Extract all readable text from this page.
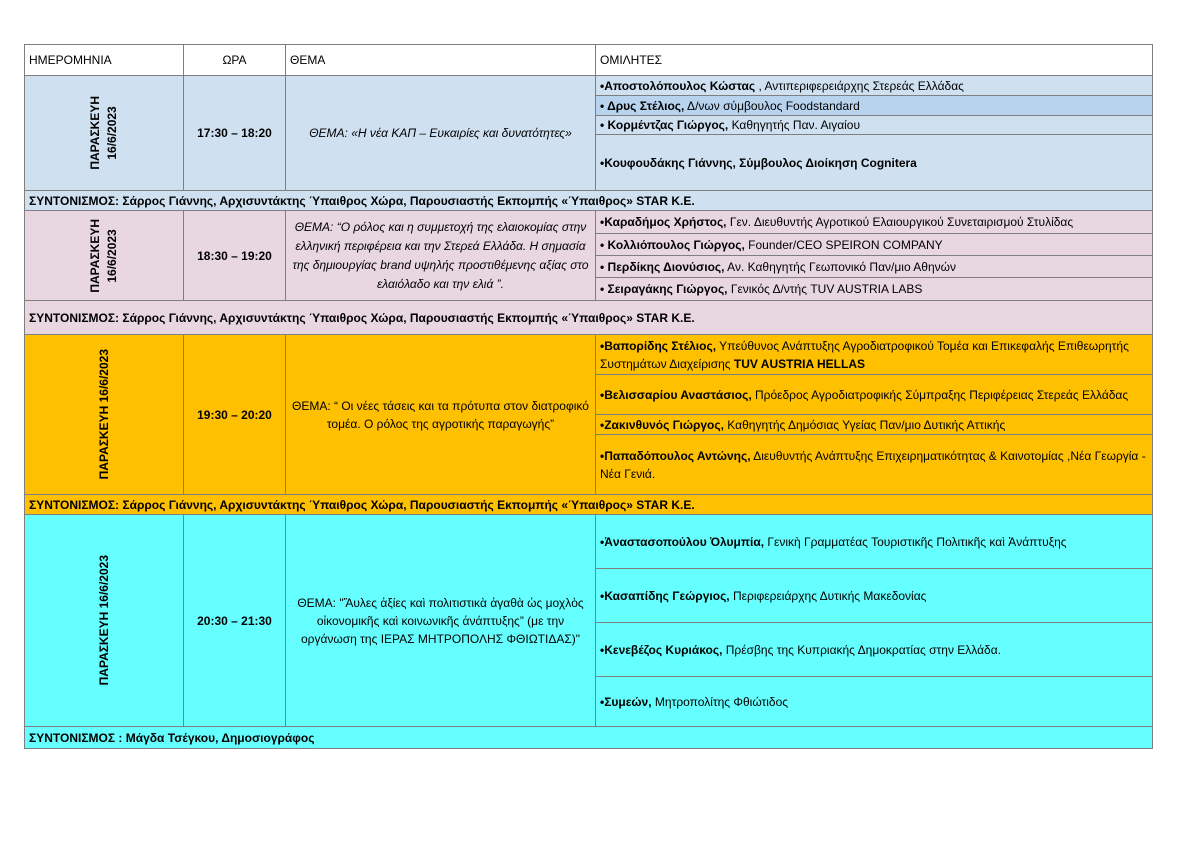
ΗΜΕΡΟΜΗΝΙΑ	ΩΡΑ	ΘΕΜΑ	ΟΜΙΛΗΤΕΣ

ΠΑΡΑΣΚΕΥΗ 16/6/2023	17:30 – 18:20	ΘΕΜΑ: «Η νέα ΚΑΠ – Ευκαιρίες και δυνατότητες»	•Αποστολόπουλος Κώστας , Αντιπεριφερειάρχης Στερεάς Ελλάδας
			• Δρυς Στέλιος, Δ/νων σύμβουλος Foodstandard
			• Κορμέντζας Γιώργος, Καθηγητής Παν. Αιγαίου
			•Κουφουδάκης Γιάννης, Σύμβουλος Διοίκηση Cognitera
ΣΥΝΤΟΝΙΣΜΟΣ: Σάρρος Γιάννης, Αρχισυντάκτης Ύπαιθρος Χώρα, Παρουσιαστής Εκπομπής «Ύπαιθρος» STAR K.E.			

ΠΑΡΑΣΚΕΥΗ 16/6/2023	18:30 – 19:20	ΘΕΜΑ: “Ο ρόλος και η συμμετοχή της ελαιοκομίας στην ελληνική περιφέρεια και την Στερεά Ελλάδα. Η σημασία της δημιουργίας brand υψηλής προστιθέμενης αξίας στο ελαιόλαδο και την ελιά ”.	•Καραδήμος Χρήστος, Γεν. Διευθυντής Αγροτικού Ελαιουργικού Συνεταιρισμού Στυλίδας
			• Κολλιόπουλος Γιώργος, Founder/CEO SPEIRON COMPANY
			• Περδίκης Διονύσιος, Αν. Καθηγητής Γεωπονικό Παν/μιο Αθηνών
			• Σειραγάκης Γιώργος, Γενικός Δ/ντής TUV AUSTRIA LABS
ΣΥΝΤΟΝΙΣΜΟΣ: Σάρρος Γιάννης, Αρχισυντάκτης Ύπαιθρος Χώρα, Παρουσιαστής Εκπομπής «Ύπαιθρος» STAR K.E.			

ΠΑΡΑΣΚΕΥΗ 16/6/2023	19:30 – 20:20	ΘΕΜΑ: “ Οι νέες τάσεις και τα πρότυπα στον διατροφικό τομέα. Ο ρόλος της αγροτικής παραγωγής”	•Βαπορίδης Στέλιος, Υπεύθυνος Ανάπτυξης Αγροδιατροφικού Τομέα και Επικεφαλής Επιθεωρητής Συστημάτων Διαχείρισης TUV AUSTRIA HELLAS
			•Βελισσαρίου Αναστάσιος, Πρόεδρος Αγροδιατροφικής Σύμπραξης Περιφέρειας Στερεάς Ελλάδας
			•Ζακινθυνός Γιώργος, Καθηγητής Δημόσιας Υγείας Παν/μιο Δυτικής Αττικής
			•Παπαδόπουλος Αντώνης, Διευθυντής Ανάπτυξης Επιχειρηματικότητας & Καινοτομίας ,Νέα Γεωργία - Νέα Γενιά.
ΣΥΝΤΟΝΙΣΜΟΣ: Σάρρος Γιάννης, Αρχισυντάκτης Ύπαιθρος Χώρα, Παρουσιαστής Εκπομπής «Ύπαιθρος» STAR K.E.			

ΠΑΡΑΣΚΕΥΗ 16/6/2023	20:30 – 21:30	ΘΕΜΑ: "Ἄυλες ἀξίες καὶ πολιτιστικὰ ἀγαθὰ ὡς μοχλὸς οἰκονομικῆς καὶ κοινωνικῆς ἀνάπτυξης” (με την οργάνωση της ΙΕΡΑΣ ΜΗΤΡΟΠΟΛΗΣ ΦΘΙΩΤΙΔΑΣ)"	•Ἀναστασοπούλου Ὀλυμπία, Γενικὴ Γραμματέας Τουριστικῆς Πολιτικῆς καὶ Ἀνάπτυξης
			•Κασαπίδης Γεώργιος, Περιφερειάρχης Δυτικής Μακεδονίας
			•Κενεβέζος Κυριάκος, Πρέσβης της Κυπριακής Δημοκρατίας στην Ελλάδα.
			•Συμεών, Μητροπολίτης Φθιώτιδος
ΣΥΝΤΟΝΙΣΜΟΣ : Μάγδα Τσέγκου, Δημοσιογράφος			
